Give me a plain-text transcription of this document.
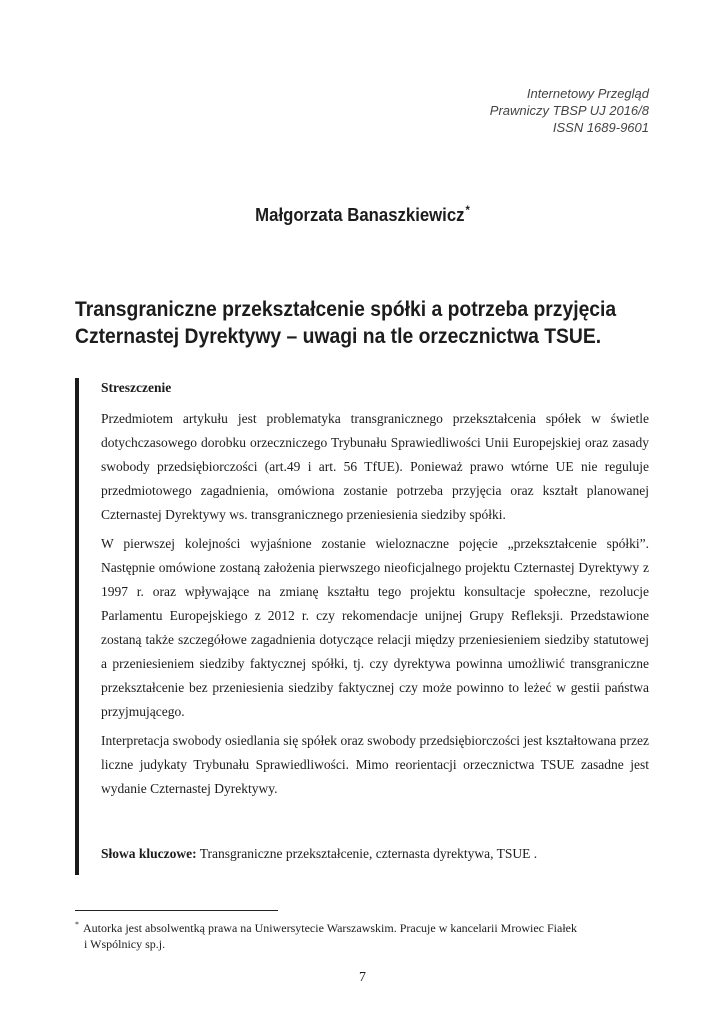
Internetowy Przegląd
Prawniczy TBSP UJ 2016/8
ISSN 1689-9601
Małgorzata Banaszkiewicz*
Transgraniczne przekształcenie spółki a potrzeba przyjęcia
Czternastej Dyrektywy – uwagi na tle orzecznictwa TSUE.
Streszczenie

Przedmiotem artykułu jest problematyka transgranicznego przekształcenia spółek w świetle dotychczasowego dorobku orzeczniczego Trybunału Sprawiedliwości Unii Europejskiej oraz zasady swobody przedsiębiorczości (art.49 i art. 56 TfUE). Ponieważ prawo wtórne UE nie reguluje przedmiotowego zagadnienia, omówiona zostanie potrzeba przyjęcia oraz kształt planowanej Czternastej Dyrektywy ws. transgranicznego przeniesienia siedziby spółki.

W pierwszej kolejności wyjaśnione zostanie wieloznaczne pojęcie „przekształcenie spółki”. Następnie omówione zostaną założenia pierwszego nieoficjalnego projektu Czternastej Dyrektywy z 1997 r. oraz wpływające na zmianę kształtu tego projektu konsultacje społeczne, rezolucje Parlamentu Europejskiego z 2012 r. czy rekomendacje unijnej Grupy Refleksji. Przedstawione zostaną także szczegółowe zagadnienia dotyczące relacji między przeniesieniem siedziby statutowej a przeniesieniem siedziby faktycznej spółki, tj. czy dyrektywa powinna umożliwić transgraniczne przekształcenie bez przeniesienia siedziby faktycznej czy może powinno to leżeć w gestii państwa przyjmującego.

Interpretacja swobody osiedlania się spółek oraz swobody przedsiębiorczości jest kształtowana przez liczne judykaty Trybunału Sprawiedliwości. Mimo reorientacji orzecznictwa TSUE zasadne jest wydanie Czternastej Dyrektywy.

Słowa kluczowe: Transgraniczne przekształcenie, czternasta dyrektywa, TSUE .
* Autorka jest absolwentką prawa na Uniwersytecie Warszawskim. Pracuje w kancelarii Mrowiec Fiałek
i Wspólnicy sp.j.
7
